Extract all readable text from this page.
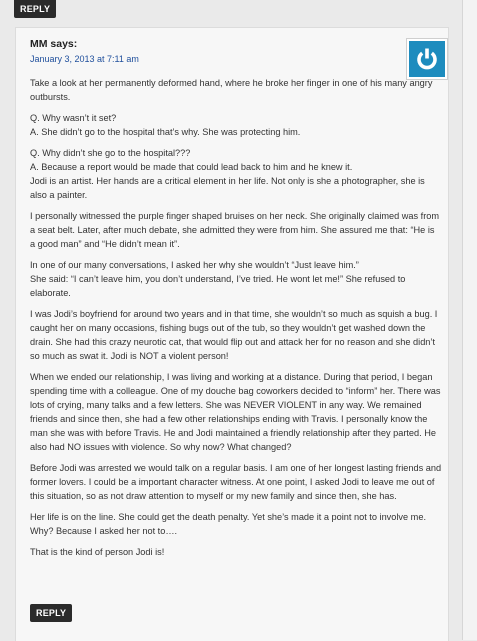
REPLY
MM says:
January 3, 2013 at 7:11 am

Take a look at her permanently deformed hand, where he broke her finger in one of his many angry outbursts.

Q. Why wasn’t it set?
A. She didn’t go to the hospital that’s why. She was protecting him.

Q. Why didn’t she go to the hospital???
A. Because a report would be made that could lead back to him and he knew it.
Jodi is an artist. Her hands are a critical element in her life. Not only is she a photographer, she is also a painter.

I personally witnessed the purple finger shaped bruises on her neck. She originally claimed was from a seat belt. Later, after much debate, she admitted they were from him. She assured me that: “He is a good man” and “He didn’t mean it”.

In one of our many conversations, I asked her why she wouldn’t “Just leave him.”
She said: “I can’t leave him, you don’t understand, I’ve tried. He wont let me!” She refused to elaborate.

I was Jodi’s boyfriend for around two years and in that time, she wouldn’t so much as squish a bug. I caught her on many occasions, fishing bugs out of the tub, so they wouldn’t get washed down the drain. She had this crazy neurotic cat, that would flip out and attack her for no reason and she didn’t so much as swat it. Jodi is NOT a violent person!

When we ended our relationship, I was living and working at a distance. During that period, I began spending time with a colleague. One of my douche bag coworkers decided to “inform” her. There was lots of crying, many talks and a few letters. She was NEVER VIOLENT in any way. We remained friends and since then, she had a few other relationships ending with Travis. I personally know the man she was with before Travis. He and Jodi maintained a friendly relationship after they parted. He also had NO issues with violence. So why now? What changed?

Before Jodi was arrested we would talk on a regular basis. I am one of her longest lasting friends and former lovers. I could be a important character witness. At one point, I asked Jodi to leave me out of this situation, so as not draw attention to myself or my new family and since then, she has.

Her life is on the line. She could get the death penalty. Yet she’s made it a point not to involve me. Why? Because I asked her not to….

That is the kind of person Jodi is!

REPLY
